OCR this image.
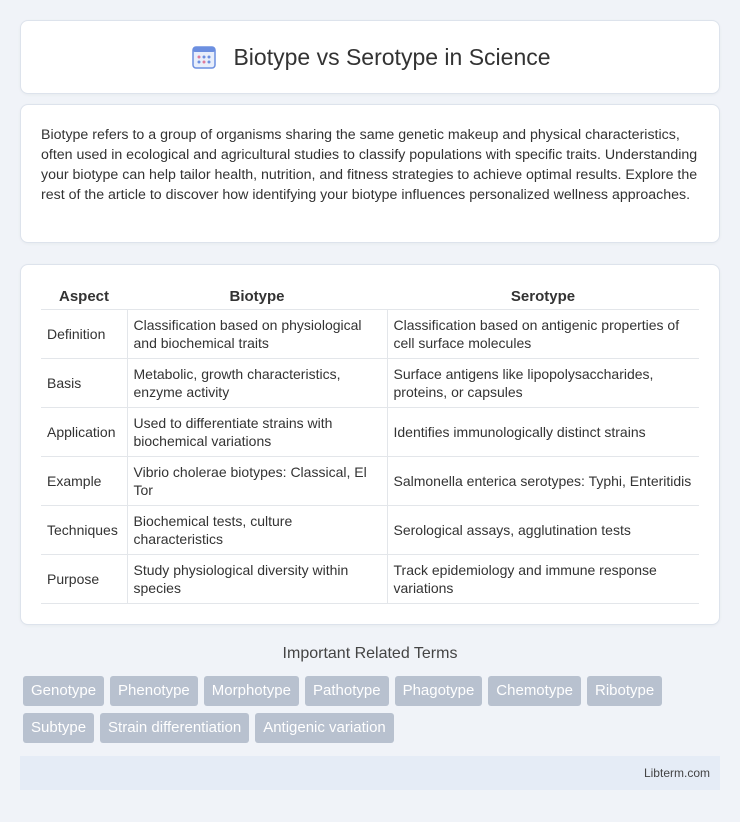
Biotype vs Serotype in Science

Biotype refers to a group of organisms sharing the same genetic makeup and physical characteristics, often used in ecological and agricultural studies to classify populations with specific traits. Understanding your biotype can help tailor health, nutrition, and fitness strategies to achieve optimal results. Explore the rest of the article to discover how identifying your biotype influences personalized wellness approaches.

Aspect	Biotype	Serotype
Definition	Classification based on physiological and biochemical traits	Classification based on antigenic properties of cell surface molecules
Basis	Metabolic, growth characteristics, enzyme activity	Surface antigens like lipopolysaccharides, proteins, or capsules
Application	Used to differentiate strains with biochemical variations	Identifies immunologically distinct strains
Example	Vibrio cholerae biotypes: Classical, El Tor	Salmonella enterica serotypes: Typhi, Enteritidis
Techniques	Biochemical tests, culture characteristics	Serological assays, agglutination tests
Purpose	Study physiological diversity within species	Track epidemiology and immune response variations
Important Related Terms
Genotype	Phenotype	Morphotype	Pathotype	Phagotype	Chemotype	Ribotype
Subtype	Strain differentiation	Antigenic variation
Libterm.com
